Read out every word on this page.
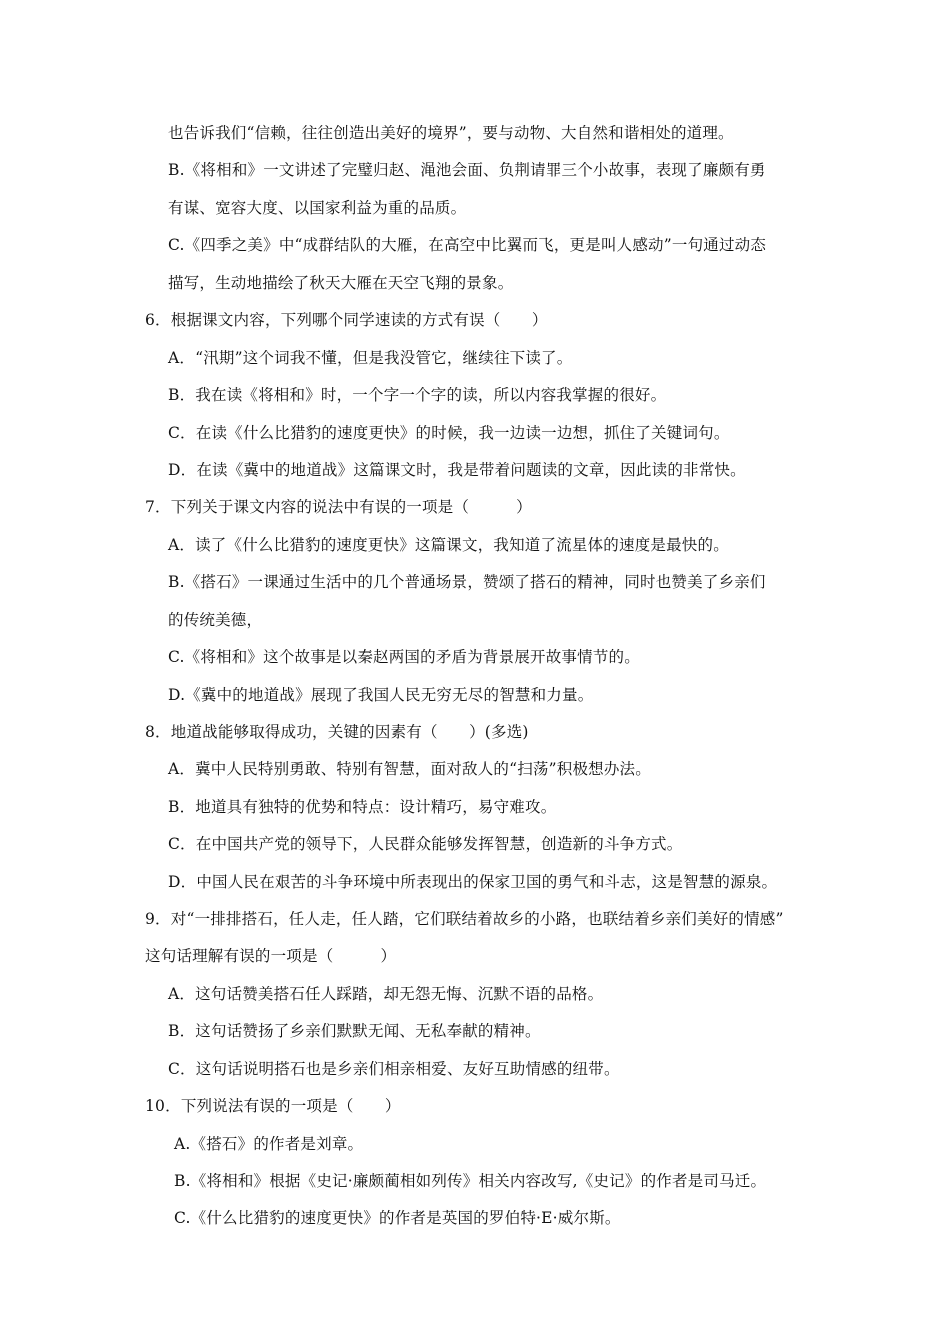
也告诉我们“信赖，往往创造出美好的境界”，要与动物、大自然和谐相处的道理。
B.《将相和》一文讲述了完璧归赵、渑池会面、负荆请罪三个小故事，表现了廉颇有勇
有谋、宽容大度、以国家利益为重的品质。
C.《四季之美》中“成群结队的大雁，在高空中比翼而飞，更是叫人感动”一句通过动态
描写，生动地描绘了秋天大雁在天空飞翔的景象。
6．根据课文内容，下列哪个同学速读的方式有误（　　）
A．“汛期”这个词我不懂，但是我没管它，继续往下读了。
B．我在读《将相和》时，一个字一个字的读，所以内容我掌握的很好。
C．在读《什么比猎豹的速度更快》的时候，我一边读一边想，抓住了关键词句。
D．在读《冀中的地道战》这篇课文时，我是带着问题读的文章，因此读的非常快。
7．下列关于课文内容的说法中有误的一项是（　　　）
A．读了《什么比猎豹的速度更快》这篇课文，我知道了流星体的速度是最快的。
B.《搭石》一课通过生活中的几个普通场景，赞颂了搭石的精神，同时也赞美了乡亲们
的传统美德，
C.《将相和》这个故事是以秦赵两国的矛盾为背景展开故事情节的。
D.《冀中的地道战》展现了我国人民无穷无尽的智慧和力量。
8．地道战能够取得成功，关键的因素有（　　）(多选)
A．冀中人民特别勇敢、特别有智慧，面对敌人的“扫荡”积极想办法。
B．地道具有独特的优势和特点：设计精巧，易守难攻。
C．在中国共产党的领导下，人民群众能够发挥智慧，创造新的斗争方式。
D．中国人民在艰苦的斗争环境中所表现出的保家卫国的勇气和斗志，这是智慧的源泉。
9．对“一排排搭石，任人走，任人踏，它们联结着故乡的小路，也联结着乡亲们美好的情感”
这句话理解有误的一项是（　　　）
A．这句话赞美搭石任人踩踏，却无怨无悔、沉默不语的品格。
B．这句话赞扬了乡亲们默默无闻、无私奉献的精神。
C．这句话说明搭石也是乡亲们相亲相爱、友好互助情感的纽带。
10．下列说法有误的一项是（　　）
A.《搭石》的作者是刘章。
B.《将相和》根据《史记·廉颇蔺相如列传》相关内容改写,《史记》的作者是司马迁。
C.《什么比猎豹的速度更快》的作者是英国的罗伯特·E·威尔斯。
